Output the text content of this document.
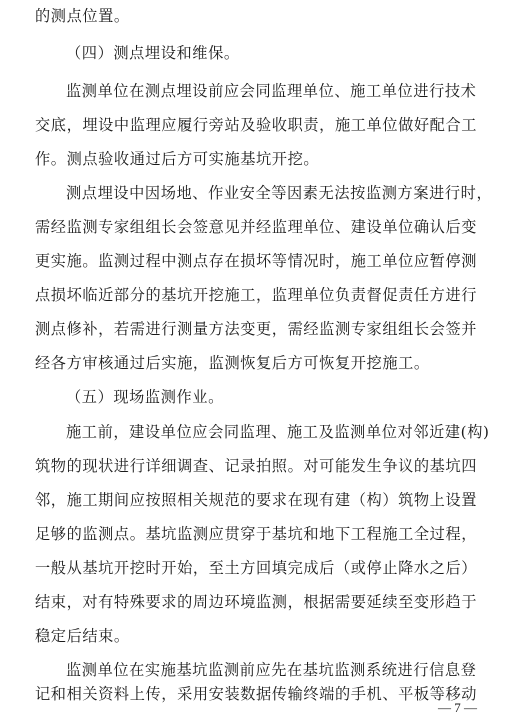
的测点位置。
（四）测点埋设和维保。
监测单位在测点埋设前应会同监理单位、施工单位进行技术
交底，埋设中监理应履行旁站及验收职责，施工单位做好配合工
作。测点验收通过后方可实施基坑开挖。
测点埋设中因场地、作业安全等因素无法按监测方案进行时，
需经监测专家组组长会签意见并经监理单位、建设单位确认后变
更实施。监测过程中测点存在损坏等情况时，施工单位应暂停测
点损坏临近部分的基坑开挖施工，监理单位负责督促责任方进行
测点修补，若需进行测量方法变更，需经监测专家组组长会签并
经各方审核通过后实施，监测恢复后方可恢复开挖施工。
（五）现场监测作业。
施工前，建设单位应会同监理、施工及监测单位对邻近建(构)
筑物的现状进行详细调查、记录拍照。对可能发生争议的基坑四
邻，施工期间应按照相关规范的要求在现有建（构）筑物上设置
足够的监测点。基坑监测应贯穿于基坑和地下工程施工全过程，
一般从基坑开挖时开始，至土方回填完成后（或停止降水之后）
结束，对有特殊要求的周边环境监测，根据需要延续至变形趋于
稳定后结束。
监测单位在实施基坑监测前应先在基坑监测系统进行信息登
记和相关资料上传，采用安装数据传输终端的手机、平板等移动
— 7 —
